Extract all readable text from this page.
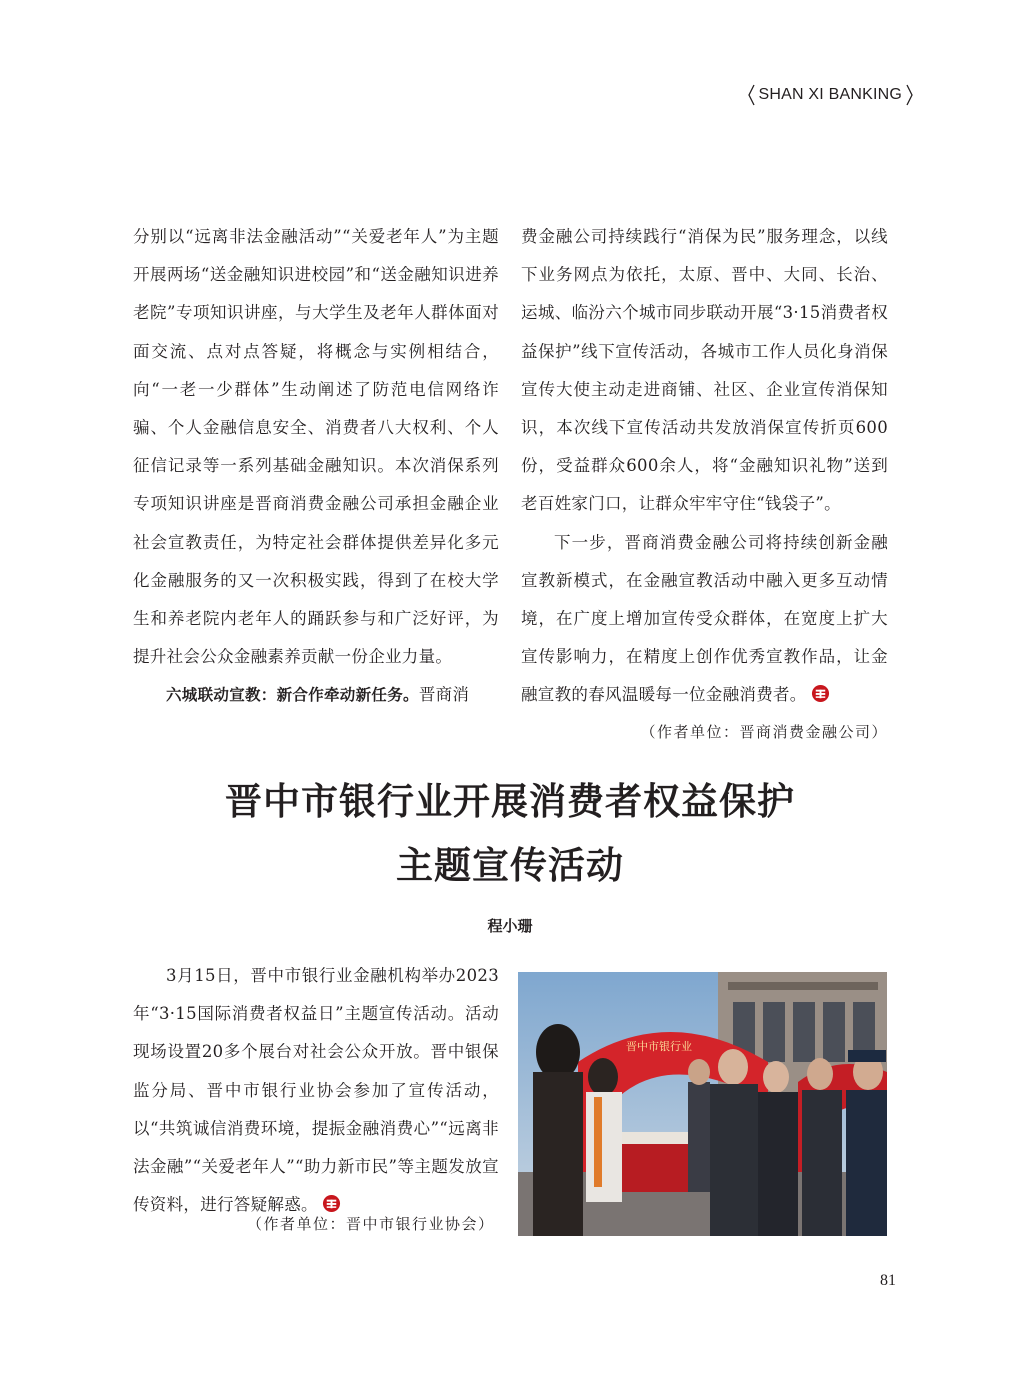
SHAN XI BANKING

分别以“远离非法金融活动”“关爱老年人”为主题开展两场“送金融知识进校园”和“送金融知识进养老院”专项知识讲座，与大学生及老年人群体面对面交流、点对点答疑，将概念与实例相结合，向“一老一少群体”生动阐述了防范电信网络诈骗、个人金融信息安全、消费者八大权利、个人征信记录等一系列基础金融知识。本次消保系列专项知识讲座是晋商消费金融公司承担金融企业社会宣教责任，为特定社会群体提供差异化多元化金融服务的又一次积极实践，得到了在校大学生和养老院内老年人的踊跃参与和广泛好评，为提升社会公众金融素养贡献一份企业力量。

六城联动宣教：新合作牵动新任务。晋商消

费金融公司持续践行“消保为民”服务理念，以线下业务网点为依托，太原、晋中、大同、长治、运城、临汾六个城市同步联动开展“3·15消费者权益保护”线下宣传活动，各城市工作人员化身消保宣传大使主动走进商铺、社区、企业宣传消保知识，本次线下宣传活动共发放消保宣传折页600份，受益群众600余人，将“金融知识礼物”送到老百姓家门口，让群众牢牢守住“钱袋子”。

下一步，晋商消费金融公司将持续创新金融宣教新模式，在金融宣教活动中融入更多互动情境，在广度上增加宣传受众群体，在宽度上扩大宣传影响力，在精度上创作优秀宣教作品，让金融宣教的春风温暖每一位金融消费者。

（作者单位：晋商消费金融公司）
晋中市银行业开展消费者权益保护
主题宣传活动
程小珊

3月15日，晋中市银行业金融机构举办2023年“3·15国际消费者权益日”主题宣传活动。活动现场设置20多个展台对社会公众开放。晋中银保监分局、晋中市银行业协会参加了宣传活动，以“共筑诚信消费环境，提振金融消费心”“远离非法金融”“关爱老年人”“助力新市民”等主题发放宣传资料，进行答疑解惑。

（作者单位：晋中市银行业协会）
晋中市银行业
81
